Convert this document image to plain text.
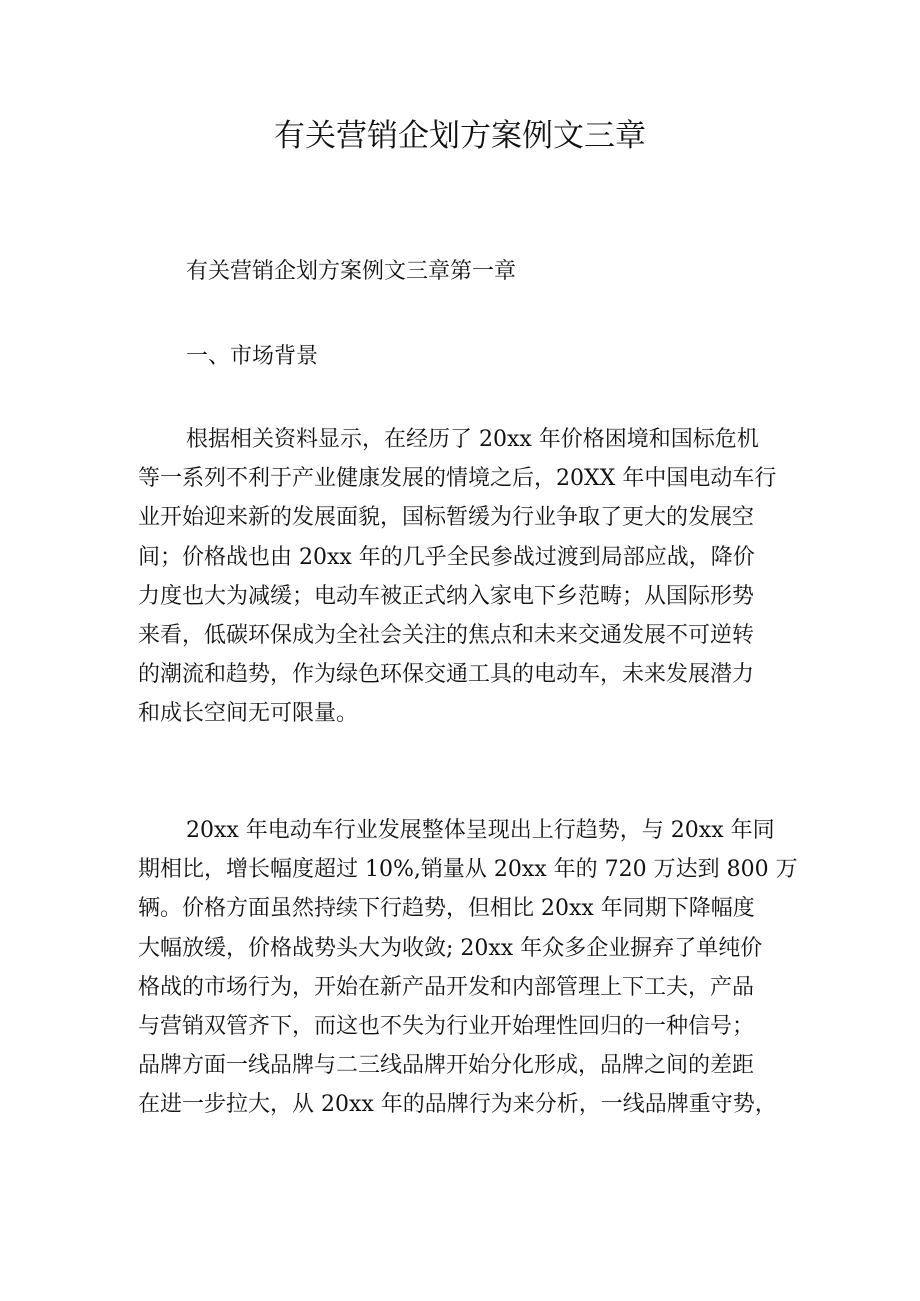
有关营销企划方案例文三章

有关营销企划方案例文三章第一章

一、市场背景

根据相关资料显示，在经历了 20xx 年价格困境和国标危机
等一系列不利于产业健康发展的情境之后，20XX 年中国电动车行
业开始迎来新的发展面貌，国标暂缓为行业争取了更大的发展空
间；价格战也由 20xx 年的几乎全民参战过渡到局部应战，降价
力度也大为减缓；电动车被正式纳入家电下乡范畴；从国际形势
来看，低碳环保成为全社会关注的焦点和未来交通发展不可逆转
的潮流和趋势，作为绿色环保交通工具的电动车，未来发展潜力
和成长空间无可限量。
20xx 年电动车行业发展整体呈现出上行趋势，与 20xx 年同
期相比，增长幅度超过 10%,销量从 20xx 年的 720 万达到 800 万
辆。价格方面虽然持续下行趋势，但相比 20xx 年同期下降幅度
大幅放缓，价格战势头大为收敛; 20xx 年众多企业摒弃了单纯价
格战的市场行为，开始在新产品开发和内部管理上下工夫，产品
与营销双管齐下，而这也不失为行业开始理性回归的一种信号；
品牌方面一线品牌与二三线品牌开始分化形成，品牌之间的差距
在进一步拉大，从 20xx 年的品牌行为来分析，一线品牌重守势，
